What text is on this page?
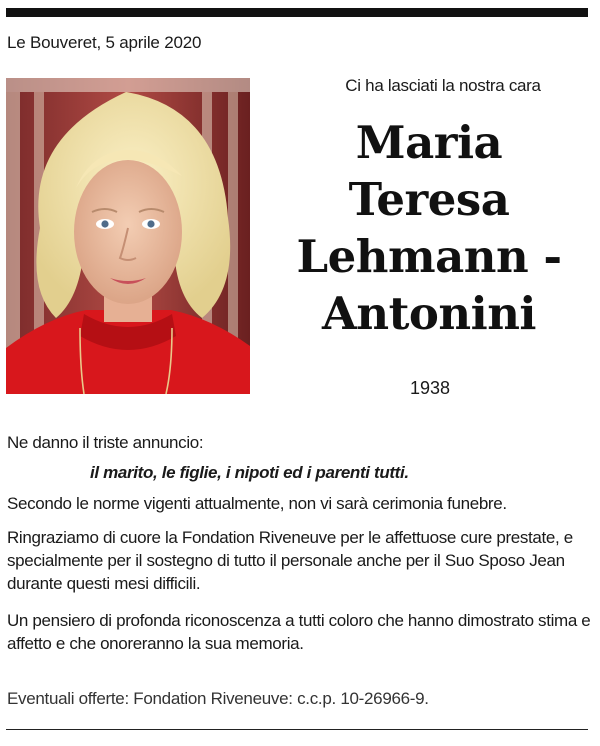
Le Bouveret, 5 aprile 2020
Ci ha lasciati la nostra cara
Maria
Teresa
Lehmann -
Antonini
1938
Ne danno il triste annuncio:
il marito, le figlie, i nipoti ed i parenti tutti.
Secondo le norme vigenti attualmente, non vi sarà cerimonia funebre.
Ringraziamo di cuore la Fondation Riveneuve per le affettuose cure prestate, e specialmente per il sostegno di tutto il personale anche per il Suo Sposo Jean durante questi mesi difficili.
Un pensiero di profonda riconoscenza a tutti coloro che hanno dimostrato stima e affetto e che onoreranno la sua memoria.
Eventuali offerte: Fondation Riveneuve: c.c.p. 10-26966-9.
